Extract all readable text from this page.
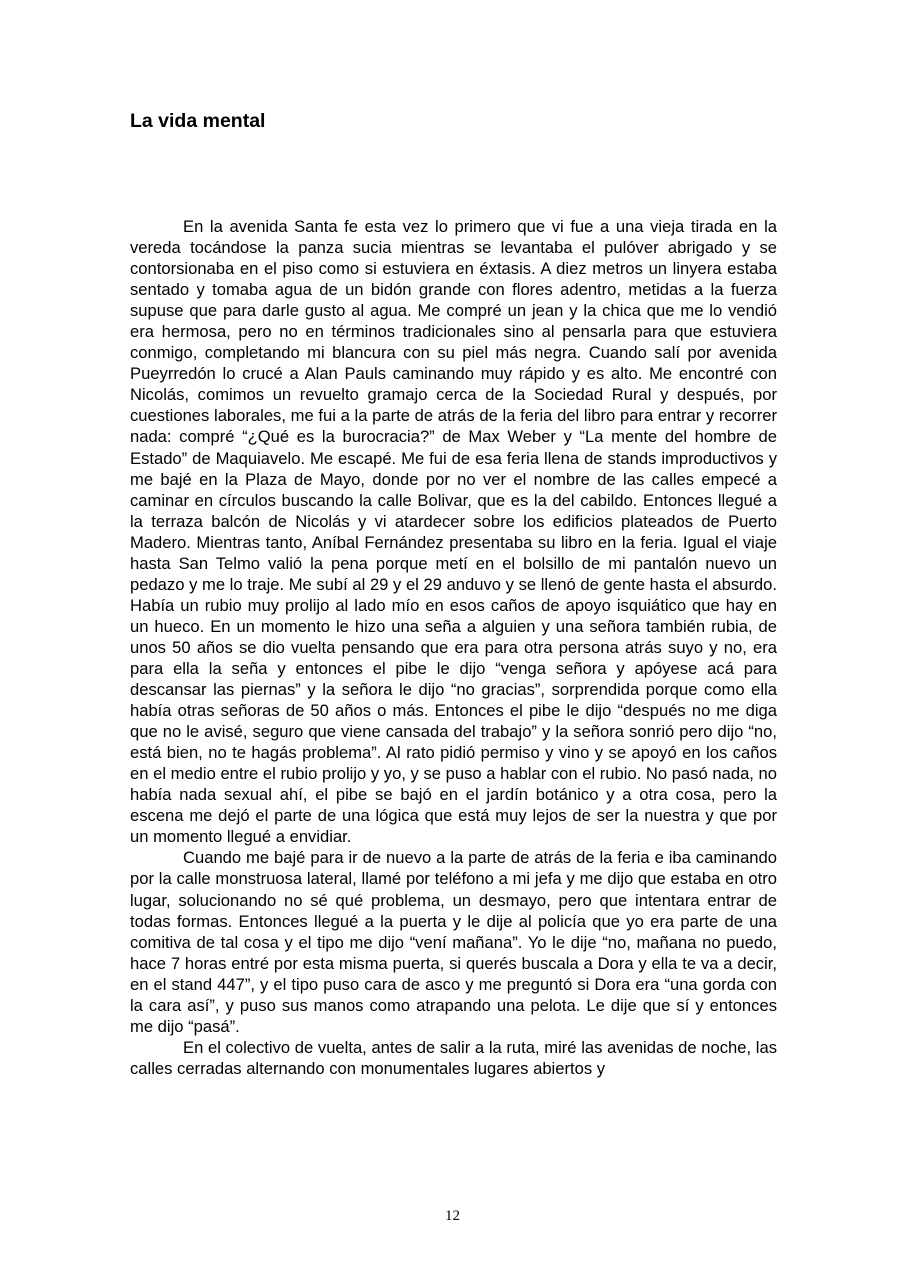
La vida mental

En la avenida Santa fe esta vez lo primero que vi fue a una vieja tirada en la vereda tocándose la panza sucia mientras se levantaba el pulóver abrigado y se contorsionaba en el piso como si estuviera en éxtasis. A diez metros un linyera estaba sentado y tomaba agua de un bidón grande con flores adentro, metidas a la fuerza supuse que para darle gusto al agua. Me compré un jean y la chica que me lo vendió era hermosa, pero no en términos tradicionales sino al pensarla para que estuviera conmigo, completando mi blancura con su piel más negra. Cuando salí por avenida Pueyrredón lo crucé a Alan Pauls caminando muy rápido y es alto. Me encontré con Nicolás, comimos un revuelto gramajo cerca de la Sociedad Rural y después, por cuestiones laborales, me fui a la parte de atrás de la feria del libro para entrar y recorrer nada: compré “¿Qué es la burocracia?” de Max Weber y “La mente del hombre de Estado” de Maquiavelo. Me escapé. Me fui de esa feria llena de stands improductivos y me bajé en la Plaza de Mayo, donde por no ver el nombre de las calles empecé a caminar en círculos buscando la calle Bolivar, que es la del cabildo. Entonces llegué a la terraza balcón de Nicolás y vi atardecer sobre los edificios plateados de Puerto Madero. Mientras tanto, Aníbal Fernández presentaba su libro en la feria. Igual el viaje hasta San Telmo valió la pena porque metí en el bolsillo de mi pantalón nuevo un pedazo y me lo traje. Me subí al 29 y el 29 anduvo y se llenó de gente hasta el absurdo. Había un rubio muy prolijo al lado mío en esos caños de apoyo isquiático que hay en un hueco. En un momento le hizo una seña a alguien y una señora también rubia, de unos 50 años se dio vuelta pensando que era para otra persona atrás suyo y no, era para ella la seña y entonces el pibe le dijo “venga señora y apóyese acá para descansar las piernas” y la señora le dijo “no gracias”, sorprendida porque como ella había otras señoras de 50 años o más. Entonces el pibe le dijo “después no me diga que no le avisé, seguro que viene cansada del trabajo” y la señora sonrió pero dijo “no, está bien, no te hagás problema”. Al rato pidió permiso y vino y se apoyó en los caños en el medio entre el rubio prolijo y yo, y se puso a hablar con el rubio. No pasó nada, no había nada sexual ahí, el pibe se bajó en el jardín botánico y a otra cosa, pero la escena me dejó el parte de una lógica que está muy lejos de ser la nuestra y que por un momento llegué a envidiar.

Cuando me bajé para ir de nuevo a la parte de atrás de la feria e iba caminando por la calle monstruosa lateral, llamé por teléfono a mi jefa y me dijo que estaba en otro lugar, solucionando no sé qué problema, un desmayo, pero que intentara entrar de todas formas. Entonces llegué a la puerta y le dije al policía que yo era parte de una comitiva de tal cosa y el tipo me dijo “vení mañana”. Yo le dije “no, mañana no puedo, hace 7 horas entré por esta misma puerta, si querés buscala a Dora y ella te va a decir, en el stand 447”, y el tipo puso cara de asco y me preguntó si Dora era “una gorda con la cara así”, y puso sus manos como atrapando una pelota. Le dije que sí y entonces me dijo “pasá”.

En el colectivo de vuelta, antes de salir a la ruta, miré las avenidas de noche, las calles cerradas alternando con monumentales lugares abiertos y

12
